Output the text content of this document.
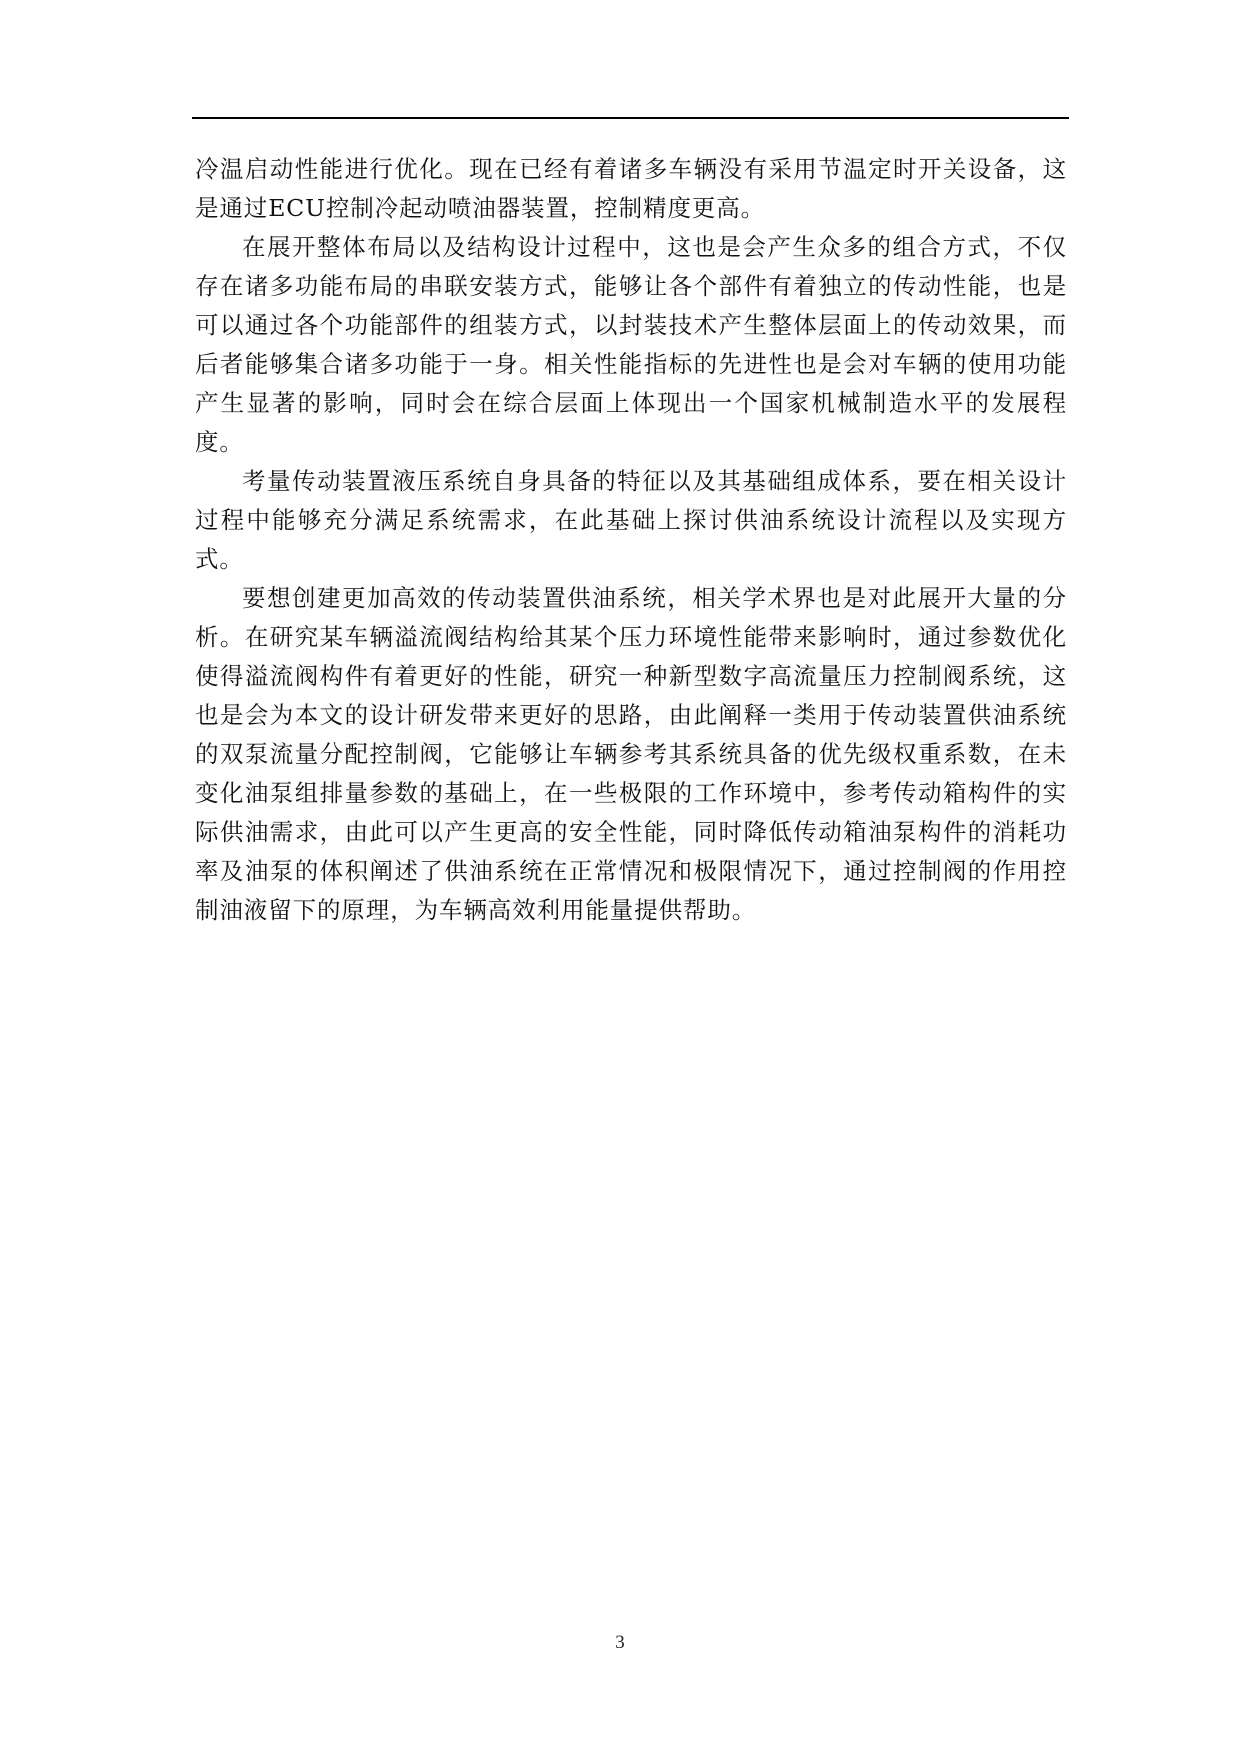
冷温启动性能进行优化。现在已经有着诸多车辆没有采用节温定时开关设备，这是通过ECU控制冷起动喷油器装置，控制精度更高。

在展开整体布局以及结构设计过程中，这也是会产生众多的组合方式，不仅存在诸多功能布局的串联安装方式，能够让各个部件有着独立的传动性能，也是可以通过各个功能部件的组装方式，以封装技术产生整体层面上的传动效果，而后者能够集合诸多功能于一身。相关性能指标的先进性也是会对车辆的使用功能产生显著的影响，同时会在综合层面上体现出一个国家机械制造水平的发展程度。

考量传动装置液压系统自身具备的特征以及其基础组成体系，要在相关设计过程中能够充分满足系统需求，在此基础上探讨供油系统设计流程以及实现方式。

要想创建更加高效的传动装置供油系统，相关学术界也是对此展开大量的分析。在研究某车辆溢流阀结构给其某个压力环境性能带来影响时，通过参数优化使得溢流阀构件有着更好的性能，研究一种新型数字高流量压力控制阀系统，这也是会为本文的设计研发带来更好的思路，由此阐释一类用于传动装置供油系统的双泵流量分配控制阀，它能够让车辆参考其系统具备的优先级权重系数，在未变化油泵组排量参数的基础上，在一些极限的工作环境中，参考传动箱构件的实际供油需求，由此可以产生更高的安全性能，同时降低传动箱油泵构件的消耗功率及油泵的体积阐述了供油系统在正常情况和极限情况下，通过控制阀的作用控制油液留下的原理，为车辆高效利用能量提供帮助。

3
